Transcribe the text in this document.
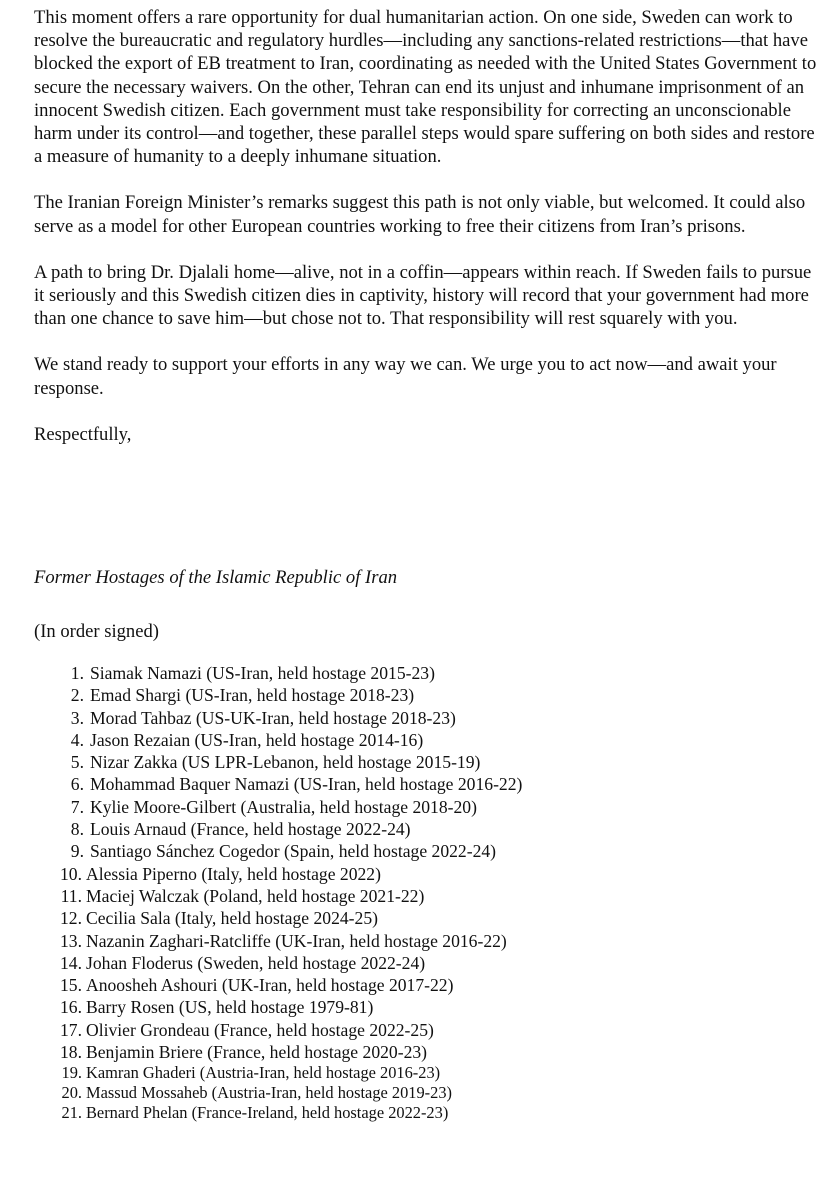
This moment offers a rare opportunity for dual humanitarian action. On one side, Sweden can work to resolve the bureaucratic and regulatory hurdles—including any sanctions-related restrictions—that have blocked the export of EB treatment to Iran, coordinating as needed with the United States Government to secure the necessary waivers. On the other, Tehran can end its unjust and inhumane imprisonment of an innocent Swedish citizen. Each government must take responsibility for correcting an unconscionable harm under its control—and together, these parallel steps would spare suffering on both sides and restore a measure of humanity to a deeply inhumane situation.

The Iranian Foreign Minister’s remarks suggest this path is not only viable, but welcomed. It could also serve as a model for other European countries working to free their citizens from Iran’s prisons.

A path to bring Dr. Djalali home—alive, not in a coffin—appears within reach. If Sweden fails to pursue it seriously and this Swedish citizen dies in captivity, history will record that your government had more than one chance to save him—but chose not to. That responsibility will rest squarely with you.

We stand ready to support your efforts in any way we can. We urge you to act now—and await your response.

Respectfully,

Former Hostages of the Islamic Republic of Iran

(In order signed)

1. Siamak Namazi (US-Iran, held hostage 2015-23)
2. Emad Shargi (US-Iran, held hostage 2018-23)
3. Morad Tahbaz (US-UK-Iran, held hostage 2018-23)
4. Jason Rezaian (US-Iran, held hostage 2014-16)
5. Nizar Zakka (US LPR-Lebanon, held hostage 2015-19)
6. Mohammad Baquer Namazi (US-Iran, held hostage 2016-22)
7. Kylie Moore-Gilbert (Australia, held hostage 2018-20)
8. Louis Arnaud (France, held hostage 2022-24)
9. Santiago Sánchez Cogedor (Spain, held hostage 2022-24)
10. Alessia Piperno (Italy, held hostage 2022)
11. Maciej Walczak (Poland, held hostage 2021-22)
12. Cecilia Sala (Italy, held hostage 2024-25)
13. Nazanin Zaghari-Ratcliffe (UK-Iran, held hostage 2016-22)
14. Johan Floderus (Sweden, held hostage 2022-24)
15. Anoosheh Ashouri (UK-Iran, held hostage 2017-22)
16. Barry Rosen (US, held hostage 1979-81)
17. Olivier Grondeau (France, held hostage 2022-25)
18. Benjamin Briere (France, held hostage 2020-23)
19. Kamran Ghaderi (Austria-Iran, held hostage 2016-23)
20. Massud Mossaheb (Austria-Iran, held hostage 2019-23)
21. Bernard Phelan (France-Ireland, held hostage 2022-23)
